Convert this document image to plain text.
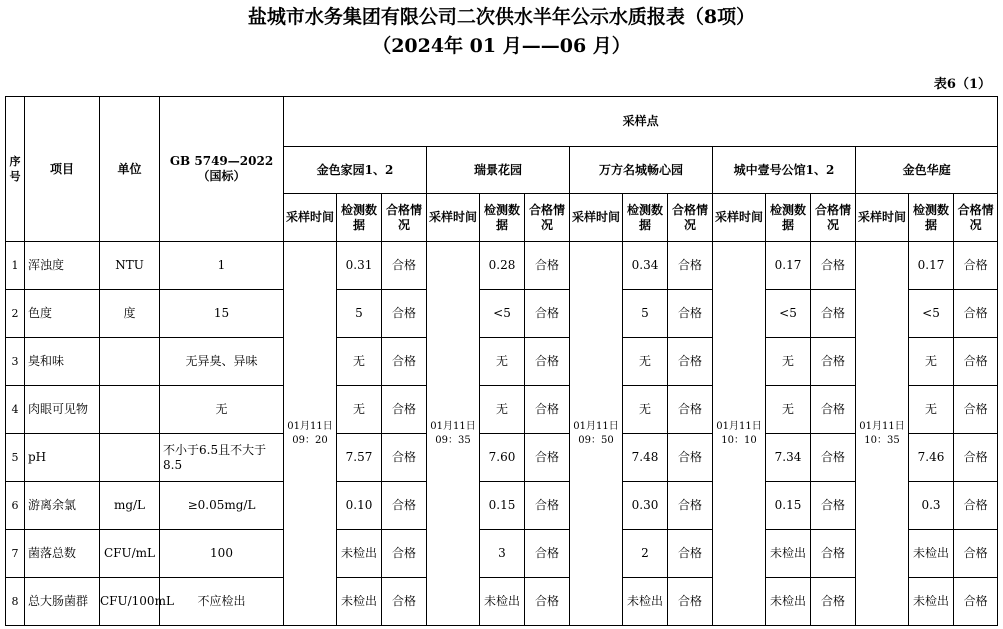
盐城市水务集团有限公司二次供水半年公示水质报表（8项）
（2024年 01 月——06 月）
表6（1）
序号	项目	单位	GB 5749—2022（国标）	采样点														
				金色家园1、2			瑞景花园			万方名城畅心园			城中壹号公馆1、2			金色华庭		
				采样时间	检测数据	合格情况	采样时间	检测数据	合格情况	采样时间	检测数据	合格情况	采样时间	检测数据	合格情况	采样时间	检测数据	合格情况
1	浑浊度	NTU	1	01月11日 09：20	0.31	合格	01月11日 09：35	0.28	合格	01月11日 09：50	0.34	合格	01月11日 10：10	0.17	合格	01月11日 10：35	0.17	合格
2	色度	度	15		5	合格		<5	合格		5	合格		<5	合格		<5	合格
3	臭和味		无异臭、异味		无	合格		无	合格		无	合格		无	合格		无	合格
4	肉眼可见物		无		无	合格		无	合格		无	合格		无	合格		无	合格
5	pH		不小于6.5且不大于8.5		7.57	合格		7.60	合格		7.48	合格		7.34	合格		7.46	合格
6	游离余氯	mg/L	≥0.05mg/L		0.10	合格		0.15	合格		0.30	合格		0.15	合格		0.3	合格
7	菌落总数	CFU/mL	100		未检出	合格		3	合格		2	合格		未检出	合格		未检出	合格
8	总大肠菌群	CFU/100mL	不应检出		未检出	合格		未检出	合格		未检出	合格		未检出	合格		未检出	合格
